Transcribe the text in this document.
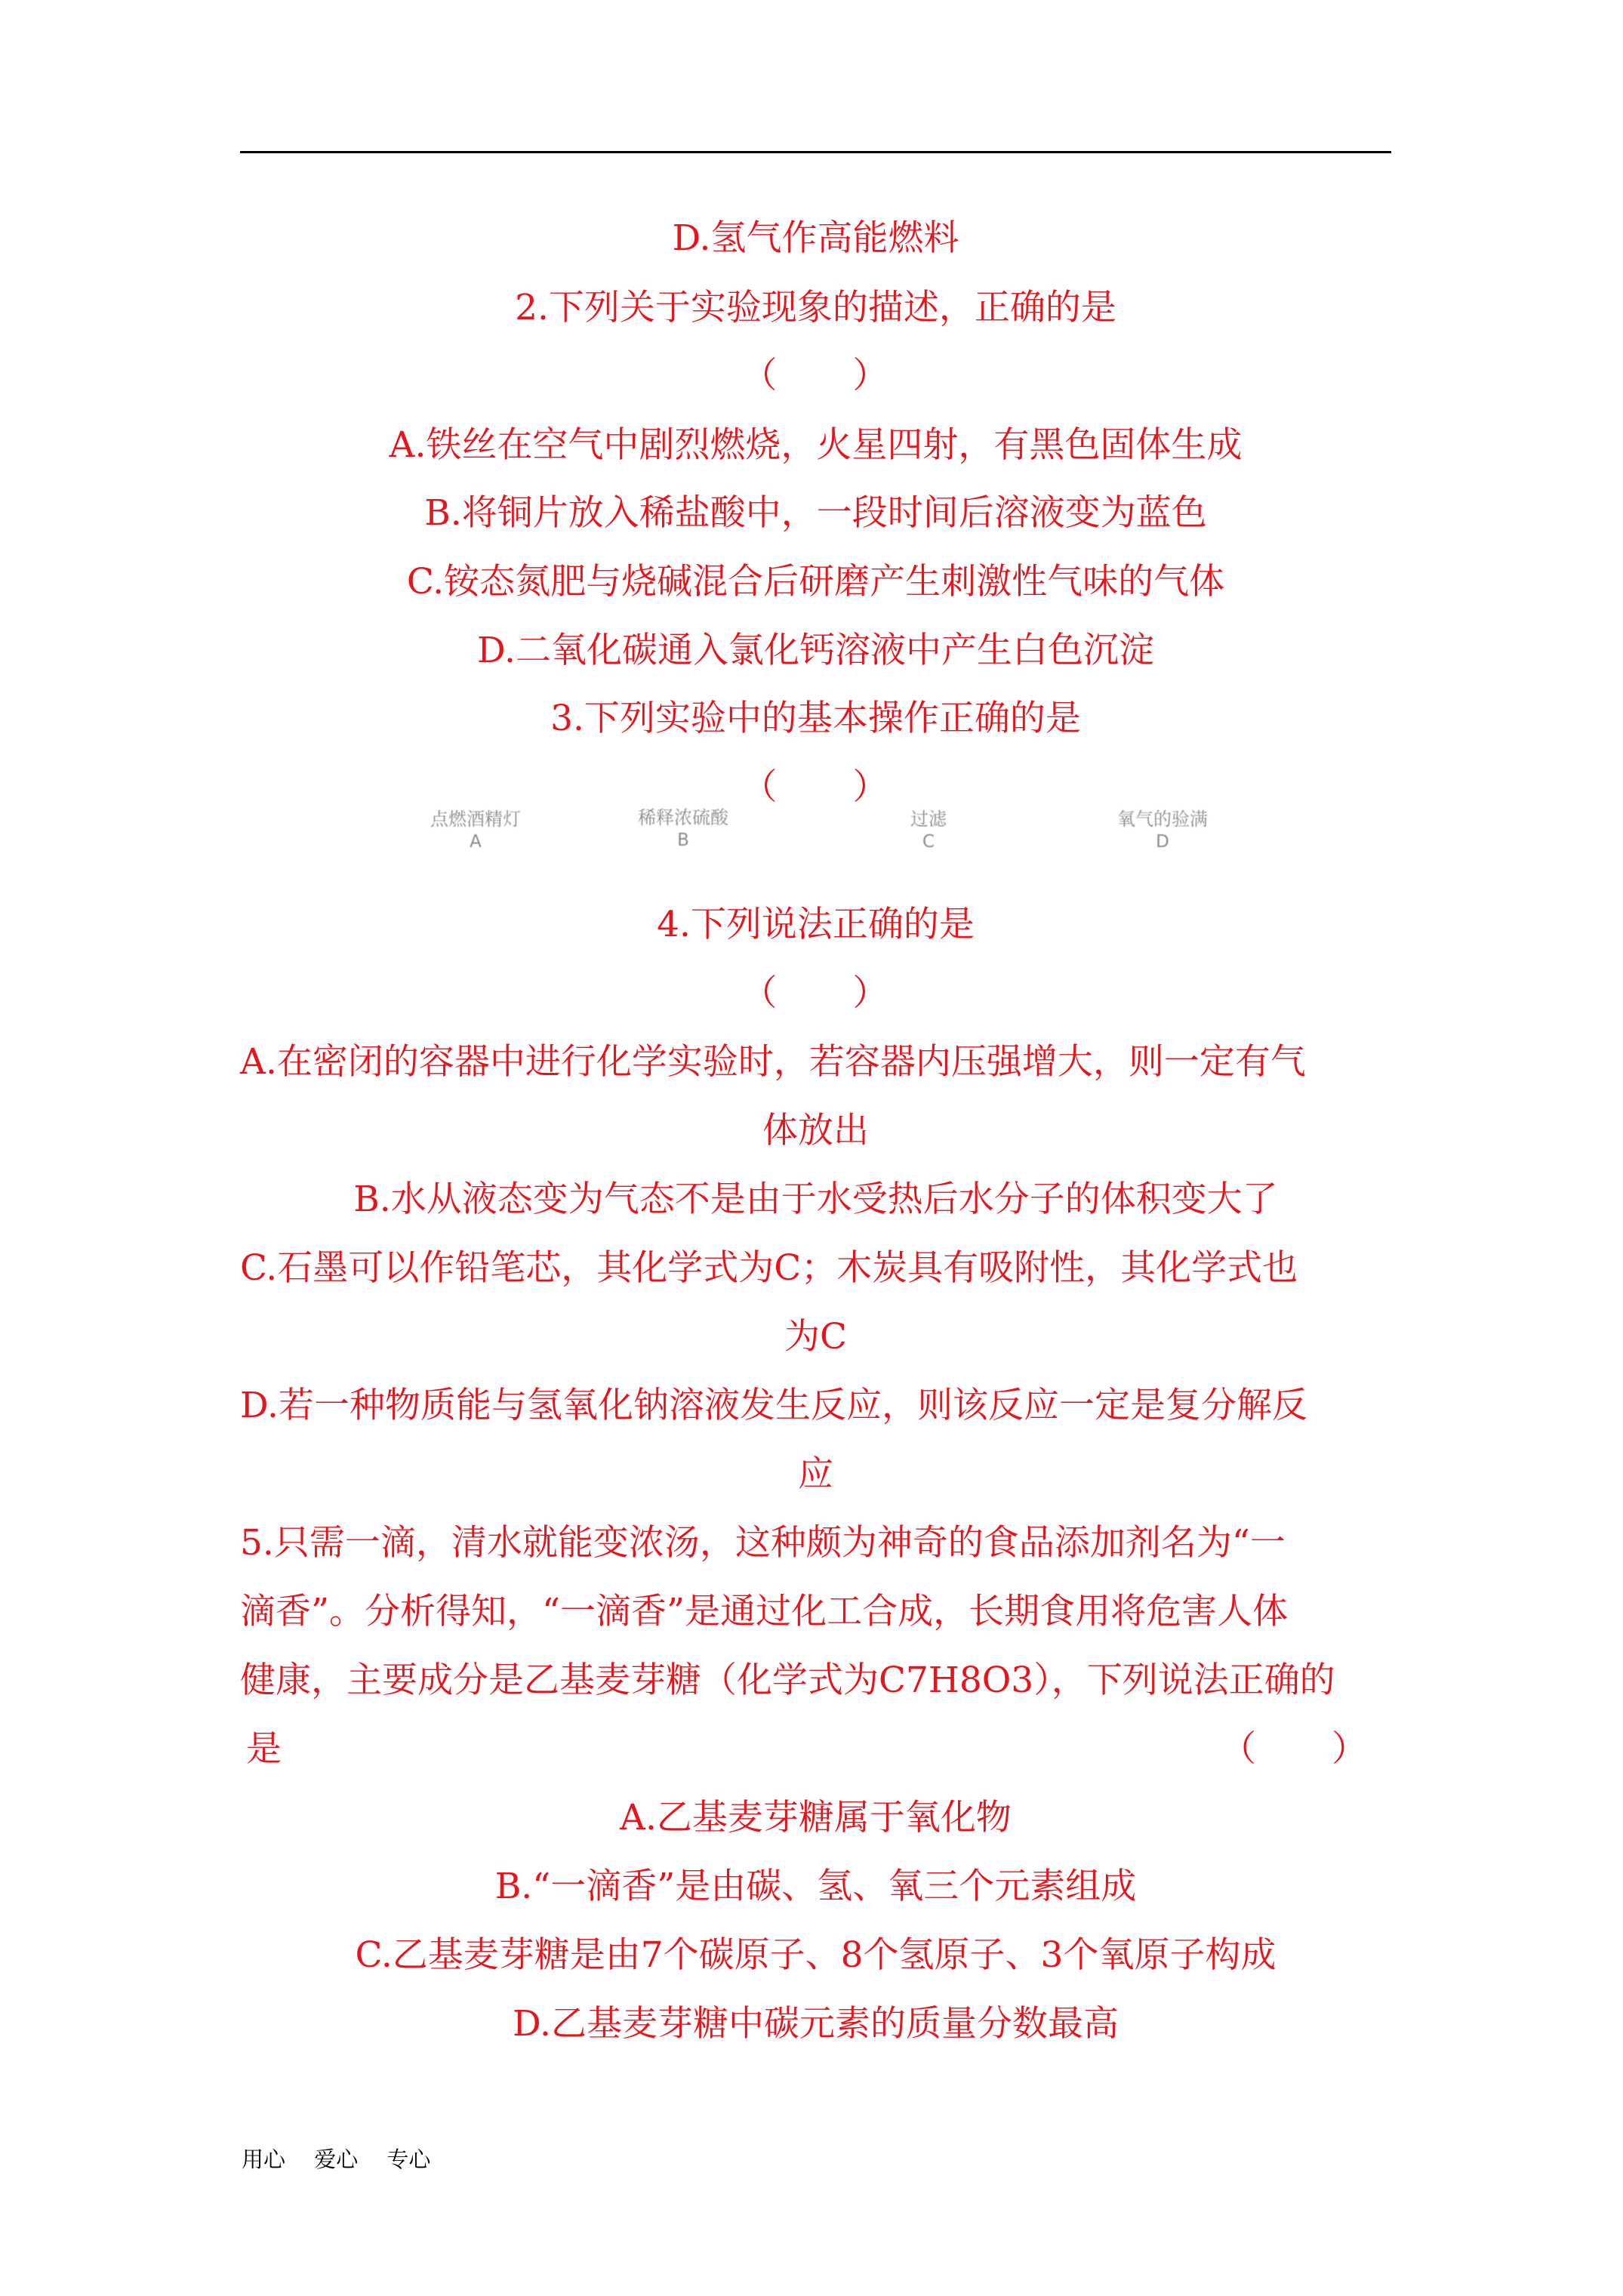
D.氢气作高能燃料
2.下列关于实验现象的描述，正确的是
（　　）
A.铁丝在空气中剧烈燃烧，火星四射，有黑色固体生成
B.将铜片放入稀盐酸中，一段时间后溶液变为蓝色
C.铵态氮肥与烧碱混合后研磨产生刺激性气味的气体
D.二氧化碳通入氯化钙溶液中产生白色沉淀
3.下列实验中的基本操作正确的是
（　　）
点燃酒精灯
A
稀释浓硫酸
B
过滤
C
氧气的验满
D
4.下列说法正确的是
（　　）
A.在密闭的容器中进行化学实验时，若容器内压强增大，则一定有气
体放出
B.水从液态变为气态不是由于水受热后水分子的体积变大了
C.石墨可以作铅笔芯，其化学式为C；木炭具有吸附性，其化学式也
为C
D.若一种物质能与氢氧化钠溶液发生反应，则该反应一定是复分解反
应
5.只需一滴，清水就能变浓汤，这种颇为神奇的食品添加剂名为“一
滴香”。分析得知，“一滴香”是通过化工合成，长期食用将危害人体
健康，主要成分是乙基麦芽糖（化学式为C7H8O3），下列说法正确的
是	（　　）
A.乙基麦芽糖属于氧化物
B.“一滴香”是由碳、氢、氧三个元素组成
C.乙基麦芽糖是由7个碳原子、8个氢原子、3个氧原子构成
D.乙基麦芽糖中碳元素的质量分数最高
用心　 爱心　 专心
